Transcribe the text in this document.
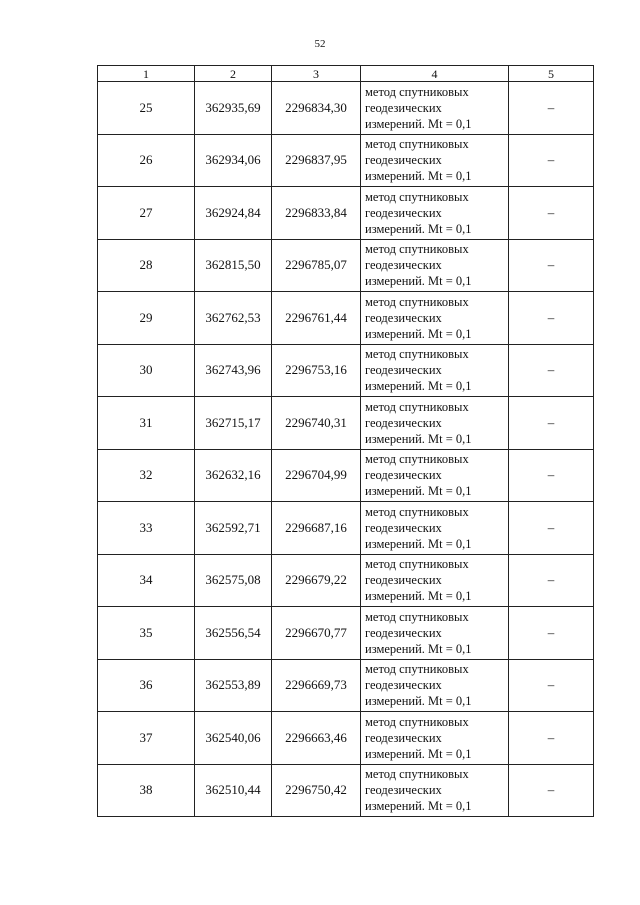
52
1	2	3	4	5
25	362935,69	2296834,30	метод спутниковых
геодезических
измерений. Mt = 0,1	–
26	362934,06	2296837,95	метод спутниковых
геодезических
измерений. Mt = 0,1	–
27	362924,84	2296833,84	метод спутниковых
геодезических
измерений. Mt = 0,1	–
28	362815,50	2296785,07	метод спутниковых
геодезических
измерений. Mt = 0,1	–
29	362762,53	2296761,44	метод спутниковых
геодезических
измерений. Mt = 0,1	–
30	362743,96	2296753,16	метод спутниковых
геодезических
измерений. Mt = 0,1	–
31	362715,17	2296740,31	метод спутниковых
геодезических
измерений. Mt = 0,1	–
32	362632,16	2296704,99	метод спутниковых
геодезических
измерений. Mt = 0,1	–
33	362592,71	2296687,16	метод спутниковых
геодезических
измерений. Mt = 0,1	–
34	362575,08	2296679,22	метод спутниковых
геодезических
измерений. Mt = 0,1	–
35	362556,54	2296670,77	метод спутниковых
геодезических
измерений. Mt = 0,1	–
36	362553,89	2296669,73	метод спутниковых
геодезических
измерений. Mt = 0,1	–
37	362540,06	2296663,46	метод спутниковых
геодезических
измерений. Mt = 0,1	–
38	362510,44	2296750,42	метод спутниковых
геодезических
измерений. Mt = 0,1	–
